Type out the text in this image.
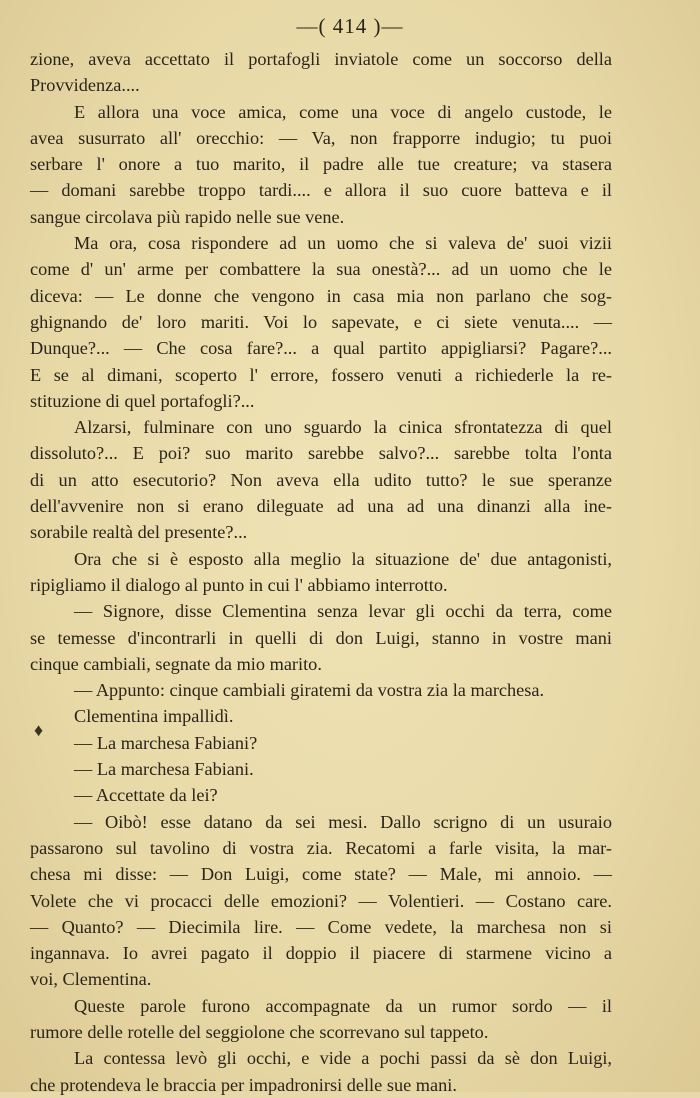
—( 414 )—

zione, aveva accettato il portafogli inviatole come un soccorso della
Provvidenza....

E allora una voce amica, come una voce di angelo custode, le
avea susurrato all' orecchio: — Va, non frapporre indugio; tu puoi
serbare l' onore a tuo marito, il padre alle tue creature; va stasera
— domani sarebbe troppo tardi.... e allora il suo cuore batteva e il
sangue circolava più rapido nelle sue vene.

Ma ora, cosa rispondere ad un uomo che si valeva de' suoi vizii
come d' un' arme per combattere la sua onestà?... ad un uomo che le
diceva: — Le donne che vengono in casa mia non parlano che sog-
ghignando de' loro mariti. Voi lo sapevate, e ci siete venuta.... —
Dunque?... — Che cosa fare?... a qual partito appigliarsi? Pagare?...
E se al dimani, scoperto l' errore, fossero venuti a richiederle la re-
stituzione di quel portafogli?...

Alzarsi, fulminare con uno sguardo la cinica sfrontatezza di quel
dissoluto?... E poi? suo marito sarebbe salvo?... sarebbe tolta l'onta
di un atto esecutorio? Non aveva ella udito tutto? le sue speranze
dell'avvenire non si erano dileguate ad una ad una dinanzi alla ine-
sorabile realtà del presente?...

Ora che si è esposto alla meglio la situazione de' due antagonisti,
ripigliamo il dialogo al punto in cui l' abbiamo interrotto.

— Signore, disse Clementina senza levar gli occhi da terra, come
se temesse d'incontrarli in quelli di don Luigi, stanno in vostre mani
cinque cambiali, segnate da mio marito.

— Appunto: cinque cambiali giratemi da vostra zia la marchesa.

Clementina impallidì.

— La marchesa Fabiani?

— La marchesa Fabiani.

— Accettate da lei?

— Oibò! esse datano da sei mesi. Dallo scrigno di un usuraio
passarono sul tavolino di vostra zia. Recatomi a farle visita, la mar-
chesa mi disse: — Don Luigi, come state? — Male, mi annoio. —
Volete che vi procacci delle emozioni? — Volentieri. — Costano care.
— Quanto? — Diecimila lire. — Come vedete, la marchesa non si
ingannava. Io avrei pagato il doppio il piacere di starmene vicino a
voi, Clementina.

Queste parole furono accompagnate da un rumor sordo — il
rumore delle rotelle del seggiolone che scorrevano sul tappeto.

La contessa levò gli occhi, e vide a pochi passi da sè don Luigi,
che protendeva le braccia per impadronirsi delle sue mani.

♦
